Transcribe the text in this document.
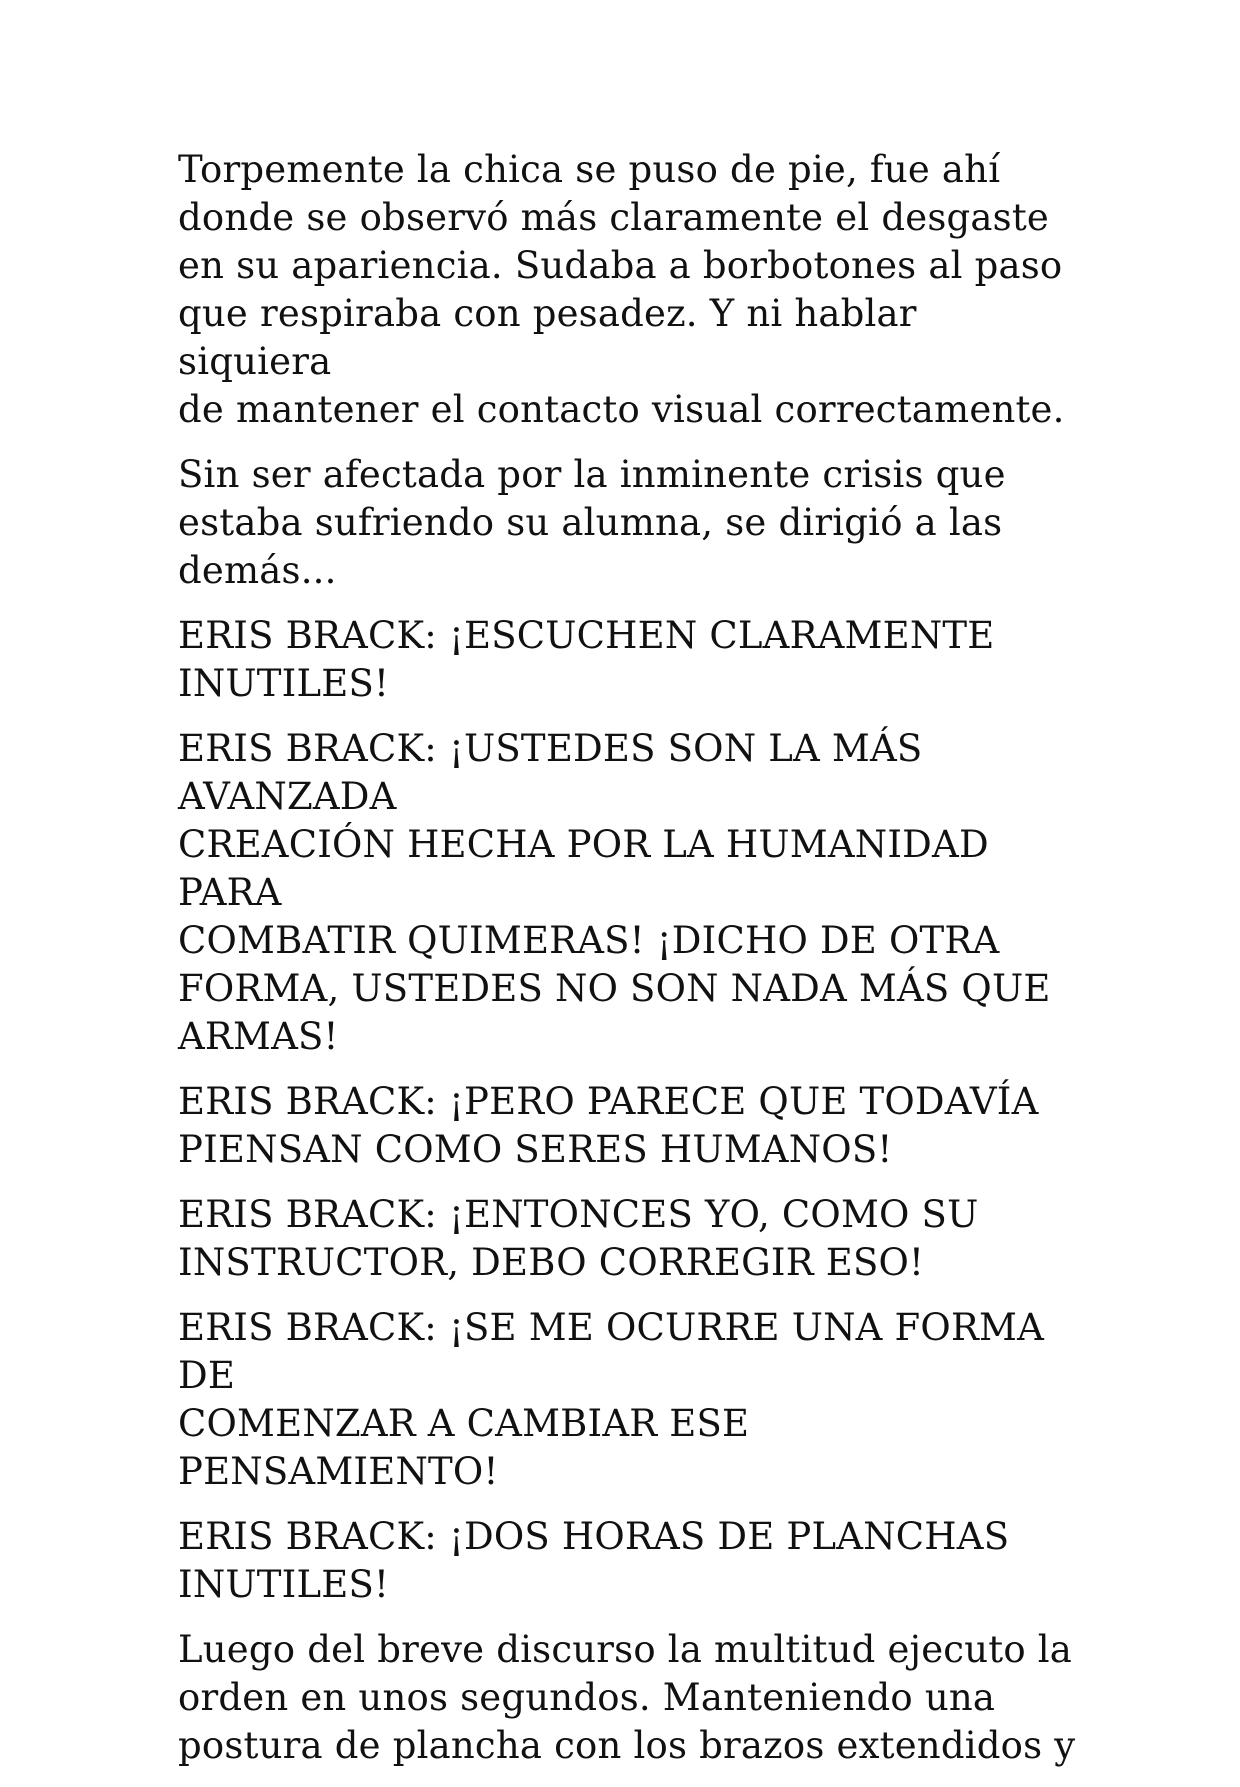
Torpemente la chica se puso de pie, fue ahí
donde se observó más claramente el desgaste
en su apariencia. Sudaba a borbotones al paso
que respiraba con pesadez. Y ni hablar siquiera
de mantener el contacto visual correctamente.

Sin ser afectada por la inminente crisis que
estaba sufriendo su alumna, se dirigió a las
demás...

ERIS BRACK: ¡ESCUCHEN CLARAMENTE
INUTILES!

ERIS BRACK: ¡USTEDES SON LA MÁS AVANZADA
CREACIÓN HECHA POR LA HUMANIDAD PARA
COMBATIR QUIMERAS! ¡DICHO DE OTRA
FORMA, USTEDES NO SON NADA MÁS QUE
ARMAS!

ERIS BRACK: ¡PERO PARECE QUE TODAVÍA
PIENSAN COMO SERES HUMANOS!

ERIS BRACK: ¡ENTONCES YO, COMO SU
INSTRUCTOR, DEBO CORREGIR ESO!

ERIS BRACK: ¡SE ME OCURRE UNA FORMA DE
COMENZAR A CAMBIAR ESE PENSAMIENTO!

ERIS BRACK: ¡DOS HORAS DE PLANCHAS
INUTILES!

Luego del breve discurso la multitud ejecuto la
orden en unos segundos. Manteniendo una
postura de plancha con los brazos extendidos y
